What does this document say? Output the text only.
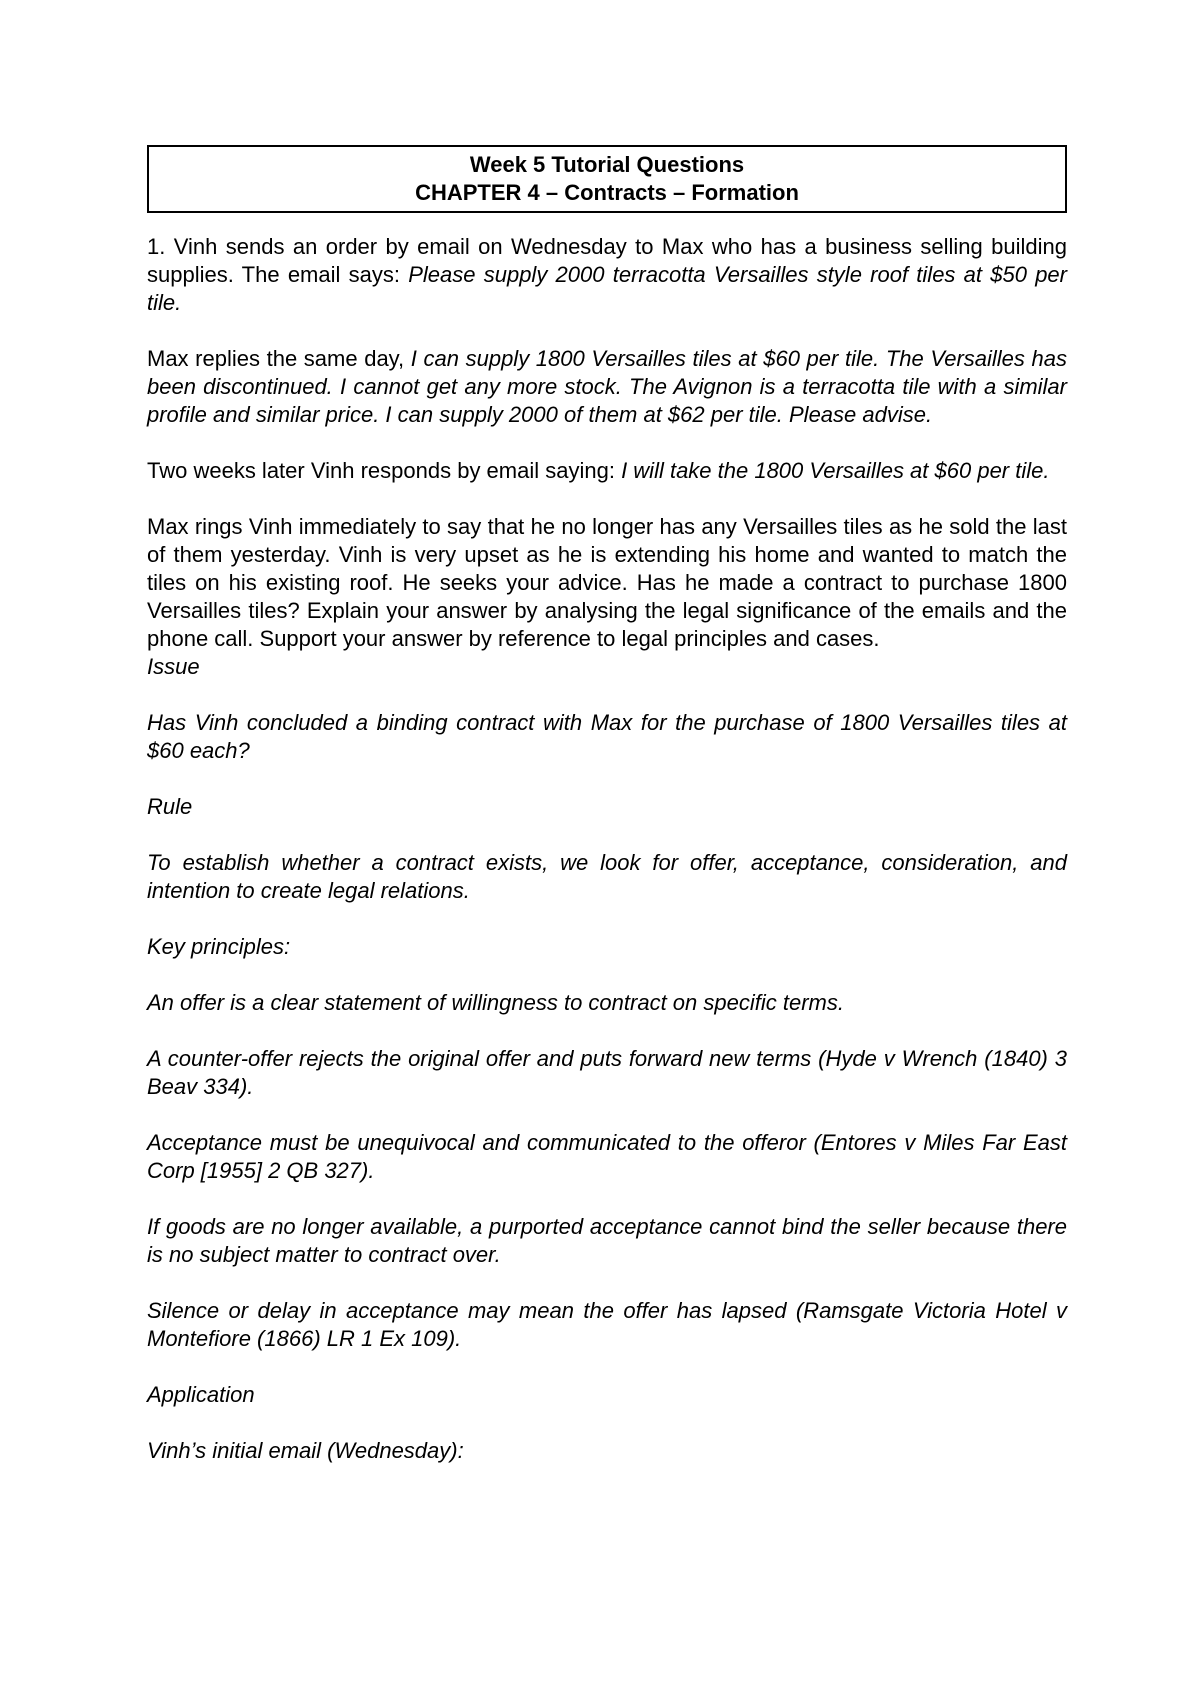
Week 5 Tutorial Questions
CHAPTER 4 – Contracts – Formation

1. Vinh sends an order by email on Wednesday to Max who has a business selling building supplies. The email says: Please supply 2000 terracotta Versailles style roof tiles at $50 per tile.

Max replies the same day, I can supply 1800 Versailles tiles at $60 per tile. The Versailles has been discontinued. I cannot get any more stock. The Avignon is a terracotta tile with a similar profile and similar price. I can supply 2000 of them at $62 per tile. Please advise.

Two weeks later Vinh responds by email saying: I will take the 1800 Versailles at $60 per tile.

Max rings Vinh immediately to say that he no longer has any Versailles tiles as he sold the last of them yesterday. Vinh is very upset as he is extending his home and wanted to match the tiles on his existing roof. He seeks your advice. Has he made a contract to purchase 1800 Versailles tiles? Explain your answer by analysing the legal significance of the emails and the phone call. Support your answer by reference to legal principles and cases.

Issue

Has Vinh concluded a binding contract with Max for the purchase of 1800 Versailles tiles at $60 each?

Rule

To establish whether a contract exists, we look for offer, acceptance, consideration, and intention to create legal relations.

Key principles:

An offer is a clear statement of willingness to contract on specific terms.

A counter-offer rejects the original offer and puts forward new terms (Hyde v Wrench (1840) 3 Beav 334).

Acceptance must be unequivocal and communicated to the offeror (Entores v Miles Far East Corp [1955] 2 QB 327).

If goods are no longer available, a purported acceptance cannot bind the seller because there is no subject matter to contract over.

Silence or delay in acceptance may mean the offer has lapsed (Ramsgate Victoria Hotel v Montefiore (1866) LR 1 Ex 109).

Application

Vinh’s initial email (Wednesday):
